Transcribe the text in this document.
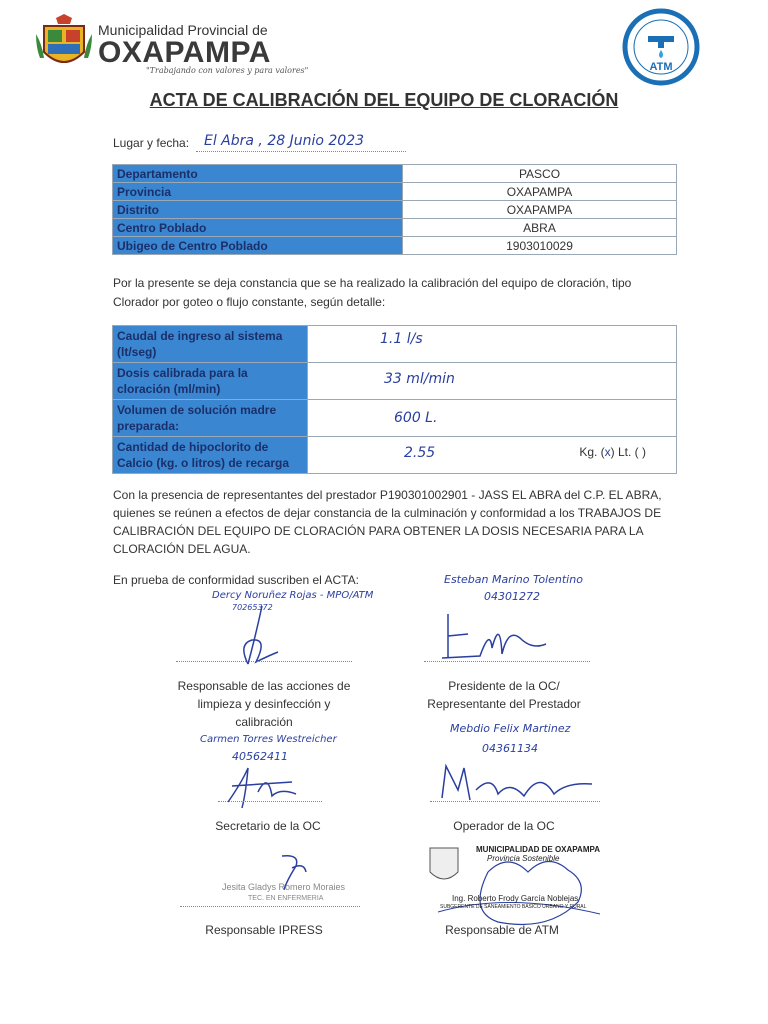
Municipalidad Provincial de
OXAPAMPA
"Trabajando con valores y para valores"	ATM
ACTA DE CALIBRACIÓN DEL EQUIPO DE CLORACIÓN
Lugar y fecha: El Abra , 28 Junio 2023
Departamento	PASCO
Provincia	OXAPAMPA
Distrito	OXAPAMPA
Centro Poblado	ABRA
Ubigeo de Centro Poblado	1903010029
Por la presente se deja constancia que se ha realizado la calibración del equipo de cloración, tipo Clorador por goteo o flujo constante, según detalle:
Caudal de ingreso al sistema (lt/seg)	1.1 l/s

Dosis calibrada para la cloración (ml/min)	33 ml/min

Volumen de solución madre preparada:	600 L.

Cantidad de hipoclorito de Calcio (kg. o litros) de recarga	2.55 Kg. (x) Lt. ( )
Con la presencia de representantes del prestador P190301002901 - JASS EL ABRA del C.P. EL ABRA, quienes se reúnen a efectos de dejar constancia de la culminación y conformidad a los TRABAJOS DE CALIBRACIÓN DEL EQUIPO DE CLORACIÓN PARA OBTENER LA DOSIS NECESARIA PARA LA CLORACIÓN DEL AGUA.
En prueba de conformidad suscriben el ACTA:
Dercy Noruñez Rojas - MPO/ATM
70265372
Responsable de las acciones de limpieza y desinfección y calibración
Esteban Marino Tolentino
04301272
Presidente de la OC/ Representante del Prestador
Carmen Torres Westreicher
40562411
Secretario de la OC
Mebdio Felix Martinez
04361134
Operador de la OC
Jesita Gladys Romero Moraies
TEC. EN ENFERMERIA
Responsable IPRESS
MUNICIPALIDAD DE OXAPAMPA
Provincia Sostenible
Ing. Roberto Frody García Noblejas
SUBGERENTE DE SANEAMIENTO BÁSICO URBANO Y RURAL
Responsable de ATM
